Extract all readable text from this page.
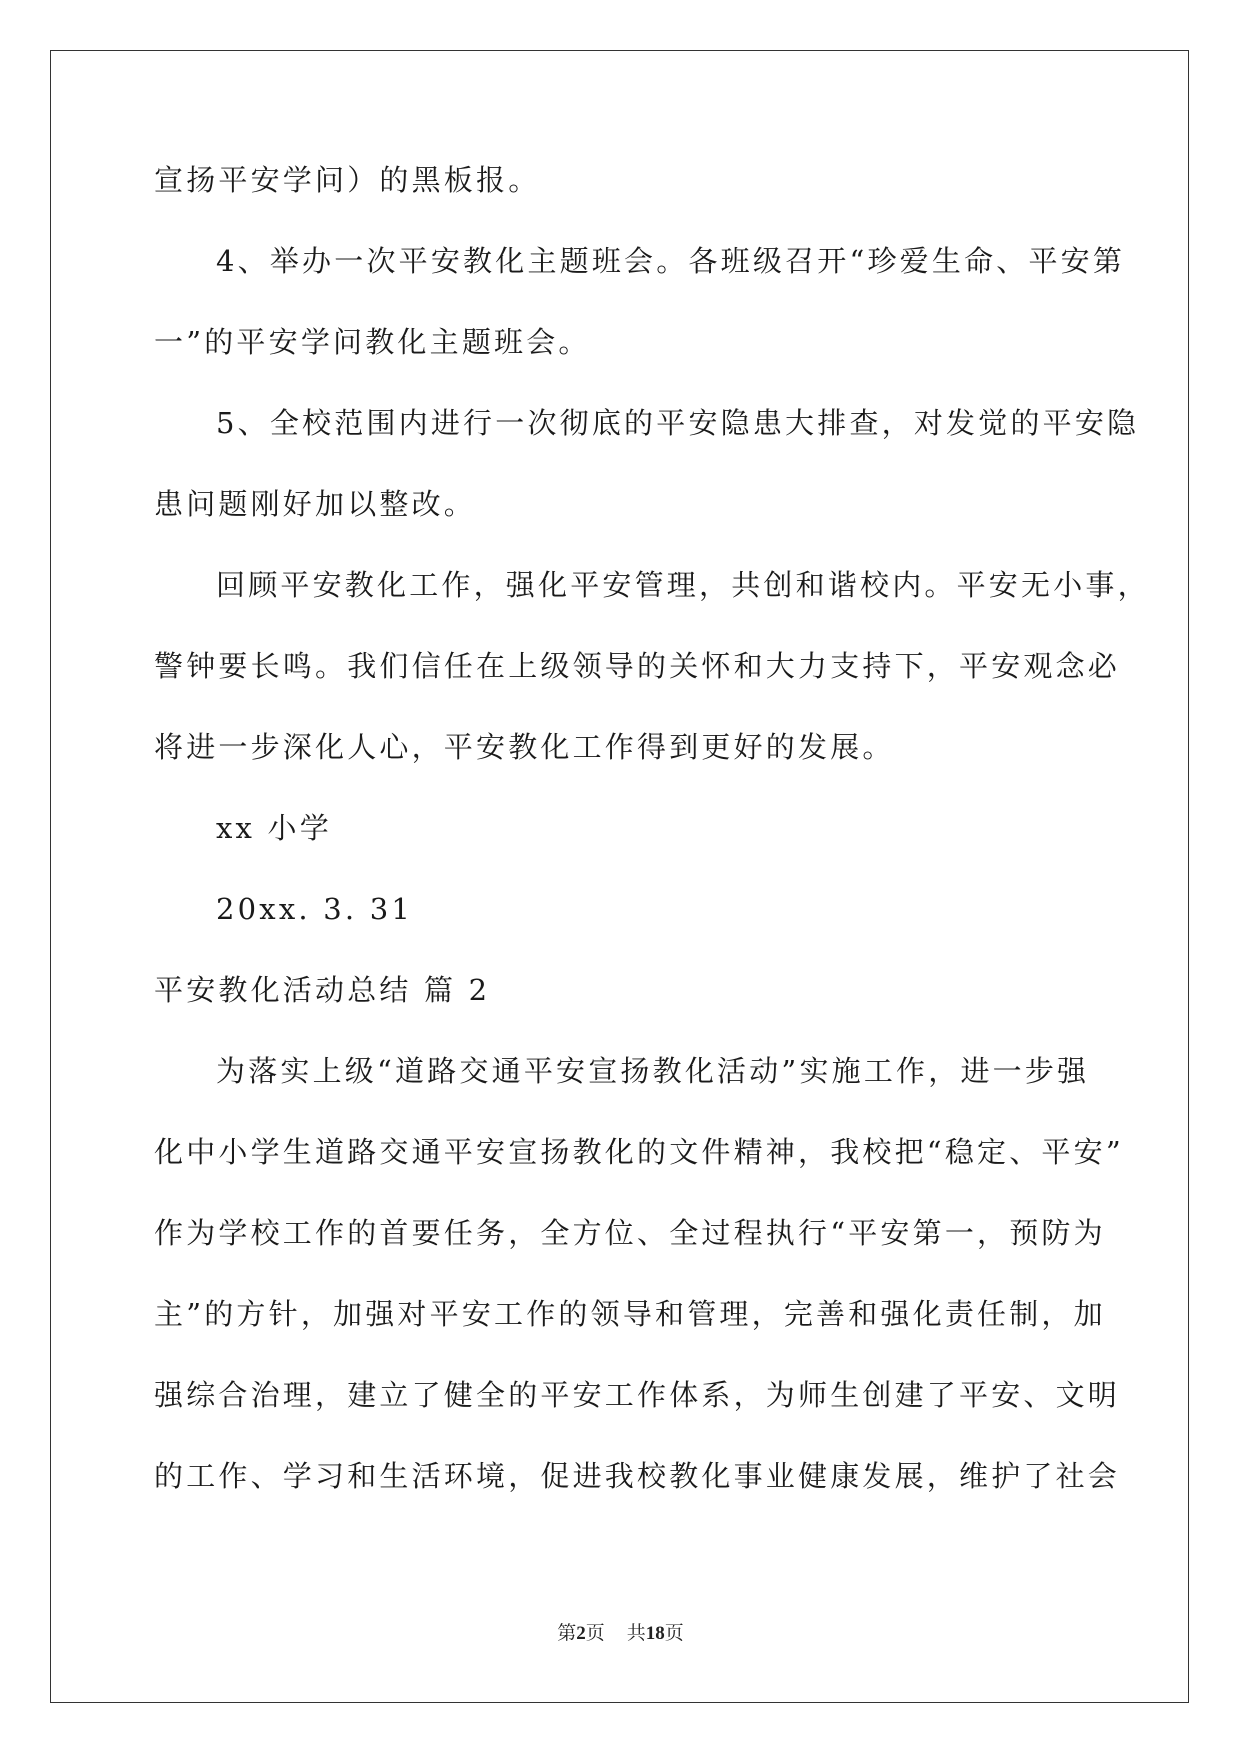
宣扬平安学问）的黑板报。
4、举办一次平安教化主题班会。各班级召开“珍爱生命、平安第
一”的平安学问教化主题班会。
5、全校范围内进行一次彻底的平安隐患大排查，对发觉的平安隐
患问题刚好加以整改。
回顾平安教化工作，强化平安管理，共创和谐校内。平安无小事，
警钟要长鸣。我们信任在上级领导的关怀和大力支持下，平安观念必
将进一步深化人心，平安教化工作得到更好的发展。
xx 小学
20xx. 3. 31
平安教化活动总结 篇 2
为落实上级“道路交通平安宣扬教化活动”实施工作，进一步强
化中小学生道路交通平安宣扬教化的文件精神，我校把“稳定、平安”
作为学校工作的首要任务，全方位、全过程执行“平安第一，预防为
主”的方针，加强对平安工作的领导和管理，完善和强化责任制，加
强综合治理，建立了健全的平安工作体系，为师生创建了平安、文明
的工作、学习和生活环境，促进我校教化事业健康发展，维护了社会
第2页 共18页
